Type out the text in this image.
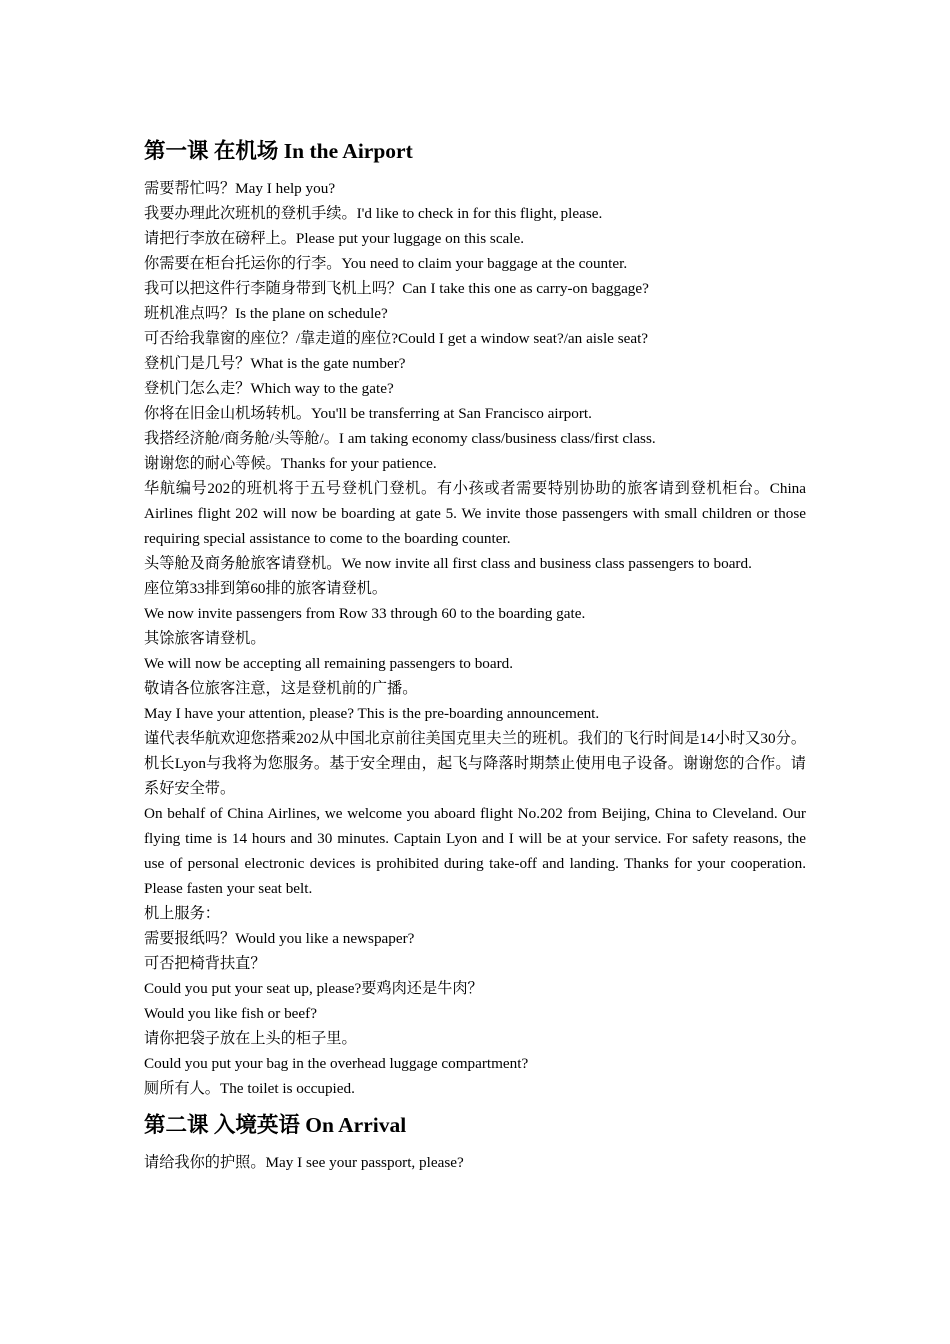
第一课 在机场 In the Airport

需要帮忙吗？May I help you?

我要办理此次班机的登机手续。I'd like to check in for this flight, please.

请把行李放在磅秤上。Please put your luggage on this scale.

你需要在柜台托运你的行李。You need to claim your baggage at the counter.

我可以把这件行李随身带到飞机上吗？Can I take this one as carry-on baggage?

班机准点吗？Is the plane on schedule?

可否给我靠窗的座位？/靠走道的座位?Could I get a window seat?/an aisle seat?

登机门是几号？What is the gate number?

登机门怎么走？Which way to the gate?

你将在旧金山机场转机。You'll be transferring at San Francisco airport.

我搭经济舱/商务舱/头等舱/。I am taking economy class/business class/first class.

谢谢您的耐心等候。Thanks for your patience.

华航编号202的班机将于五号登机门登机。有小孩或者需要特别协助的旅客请到登机柜台。China Airlines flight 202 will now be boarding at gate 5. We invite those passengers with small children or those requiring special assistance to come to the boarding counter.

头等舱及商务舱旅客请登机。We now invite all first class and business class passengers to board.

座位第33排到第60排的旅客请登机。

We now invite passengers from Row 33 through 60 to the boarding gate.

其馀旅客请登机。

We will now be accepting all remaining passengers to board.

敬请各位旅客注意，这是登机前的广播。

May I have your attention, please? This is the pre-boarding announcement.

谨代表华航欢迎您搭乘202从中国北京前往美国克里夫兰的班机。我们的飞行时间是14小时又30分。机长Lyon与我将为您服务。基于安全理由，起飞与降落时期禁止使用电子设备。谢谢您的合作。请系好安全带。

On behalf of China Airlines, we welcome you aboard flight No.202 from Beijing, China to Cleveland. Our flying time is 14 hours and 30 minutes. Captain Lyon and I will be at your service. For safety reasons, the use of personal electronic devices is prohibited during take-off and landing. Thanks for your cooperation. Please fasten your seat belt.

机上服务：

需要报纸吗？Would you like a newspaper?

可否把椅背扶直？

Could you put your seat up, please?要鸡肉还是牛肉？

Would you like fish or beef?

请你把袋子放在上头的柜子里。

Could you put your bag in the overhead luggage compartment?

厕所有人。The toilet is occupied.

第二课 入境英语 On Arrival

请给我你的护照。May I see your passport, please?
